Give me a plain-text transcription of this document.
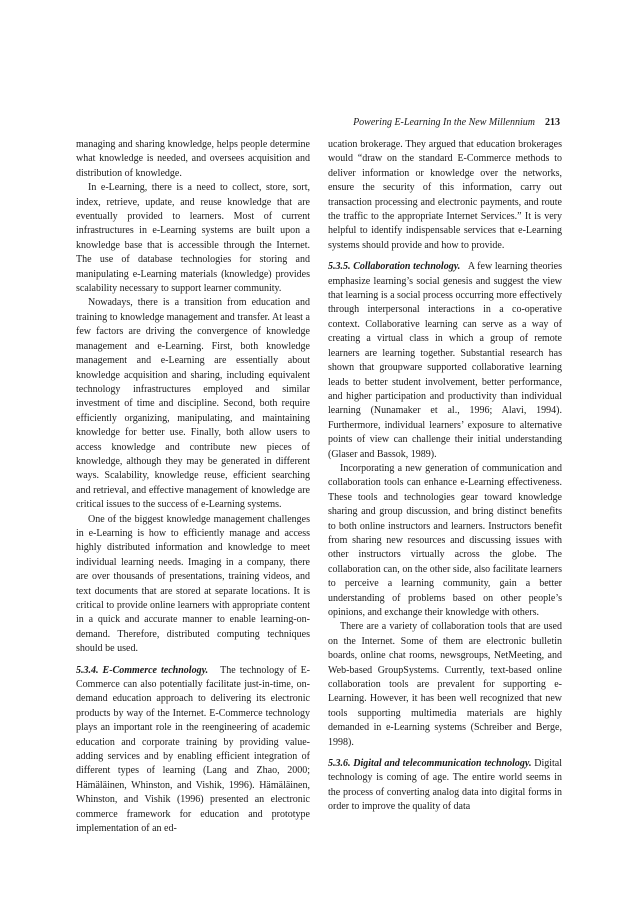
Powering E-Learning In the New Millennium 213

managing and sharing knowledge, helps people determine what knowledge is needed, and oversees acquisition and distribution of knowledge.

In e-Learning, there is a need to collect, store, sort, index, retrieve, update, and reuse knowledge that are eventually provided to learners. Most of current infrastructures in e-Learning systems are built upon a knowledge base that is accessible through the Internet. The use of database technologies for storing and manipulating e-Learning materials (knowledge) provides scalability necessary to support learner community.

Nowadays, there is a transition from education and training to knowledge management and transfer. At least a few factors are driving the convergence of knowledge management and e-Learning. First, both knowledge management and e-Learning are essentially about knowledge acquisition and sharing, including equivalent technology infrastructures employed and similar investment of time and discipline. Second, both require efficiently organizing, manipulating, and maintaining knowledge for better use. Finally, both allow users to access knowledge and contribute new pieces of knowledge, although they may be generated in different ways. Scalability, knowledge reuse, efficient searching and retrieval, and effective management of knowledge are critical issues to the success of e-Learning systems.

One of the biggest knowledge management challenges in e-Learning is how to efficiently manage and access highly distributed information and knowledge to meet individual learning needs. Imaging in a company, there are over thousands of presentations, training videos, and text documents that are stored at separate locations. It is critical to provide online learners with appropriate content in a quick and accurate manner to enable learning-on-demand. Therefore, distributed computing techniques should be used.

5.3.4. E-Commerce technology. The technology of E-Commerce can also potentially facilitate just-in-time, on-demand education approach to delivering its electronic products by way of the Internet. E-Commerce technology plays an important role in the reengineering of academic education and corporate training by providing value-adding services and by enabling efficient integration of different types of learning (Lang and Zhao, 2000; Hämäläinen, Whinston, and Vishik, 1996). Hämäläinen, Whinston, and Vishik (1996) presented an electronic commerce framework for education and prototype implementation of an ed-

ucation brokerage. They argued that education brokerages would “draw on the standard E-Commerce methods to deliver information or knowledge over the networks, ensure the security of this information, carry out transaction processing and electronic payments, and route the traffic to the appropriate Internet Services.” It is very helpful to identify indispensable services that e-Learning systems should provide and how to provide.

5.3.5. Collaboration technology. A few learning theories emphasize learning’s social genesis and suggest the view that learning is a social process occurring more effectively through interpersonal interactions in a co-operative context. Collaborative learning can serve as a way of creating a virtual class in which a group of remote learners are learning together. Substantial research has shown that groupware supported collaborative learning leads to better student involvement, better performance, and higher participation and productivity than individual learning (Nunamaker et al., 1996; Alavi, 1994). Furthermore, individual learners’ exposure to alternative points of view can challenge their initial understanding (Glaser and Bassok, 1989).

Incorporating a new generation of communication and collaboration tools can enhance e-Learning effectiveness. These tools and technologies gear toward knowledge sharing and group discussion, and bring distinct benefits to both online instructors and learners. Instructors benefit from sharing new resources and discussing issues with other instructors virtually across the globe. The collaboration can, on the other side, also facilitate learners to perceive a learning community, gain a better understanding of problems based on other people’s opinions, and exchange their knowledge with others.

There are a variety of collaboration tools that are used on the Internet. Some of them are electronic bulletin boards, online chat rooms, newsgroups, NetMeeting, and Web-based GroupSystems. Currently, text-based online collaboration tools are prevalent for supporting e-Learning. However, it has been well recognized that new tools supporting multimedia materials are highly demanded in e-Learning systems (Schreiber and Berge, 1998).

5.3.6. Digital and telecommunication technology. Digital technology is coming of age. The entire world seems in the process of converting analog data into digital forms in order to improve the quality of data
